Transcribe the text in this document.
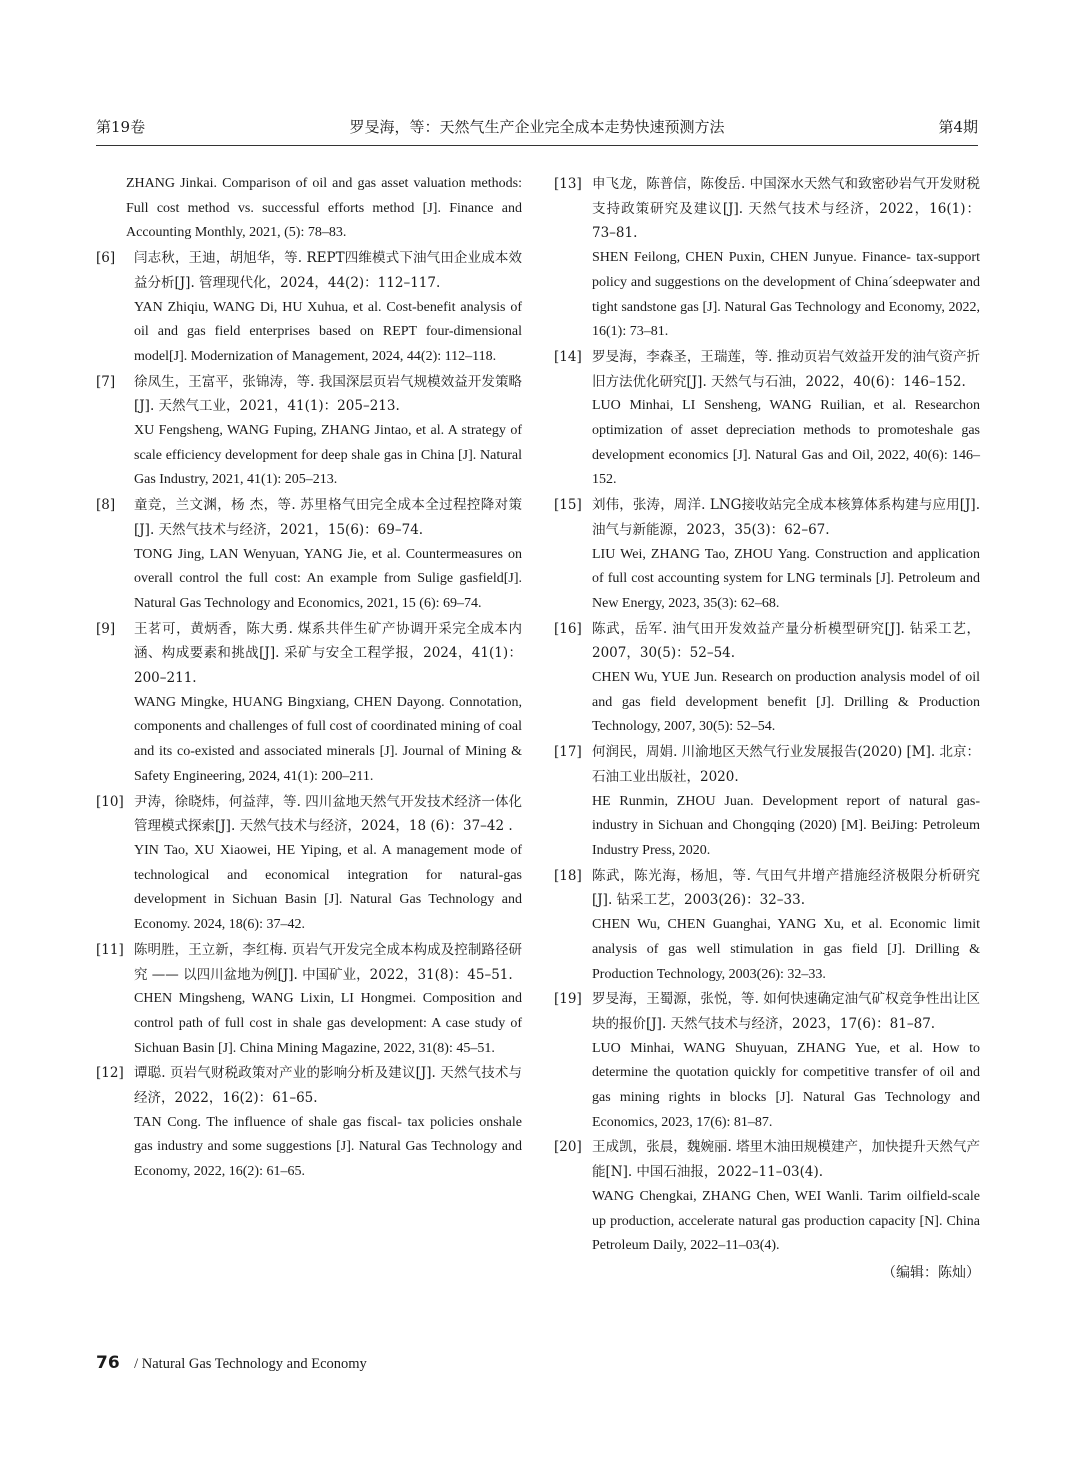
第19卷	罗旻海，等：天然气生产企业完全成本走势快速预测方法	第4期
ZHANG Jinkai. Comparison of oil and gas asset valuation methods: Full cost method vs. successful efforts method [J]. Finance and Accounting Monthly, 2021, (5): 78–83.
[6] 闫志秋，王迪，胡旭华，等. REPT四维模式下油气田企业成本效益分析[J]. 管理现代化，2024，44(2)：112–117.
YAN Zhiqiu, WANG Di, HU Xuhua, et al. Cost-benefit analysis of oil and gas field enterprises based on REPT four-dimensional model[J]. Modernization of Management, 2024, 44(2): 112–118.
[7] 徐凤生，王富平，张锦涛，等. 我国深层页岩气规模效益开发策略[J]. 天然气工业，2021，41(1)：205–213.
XU Fengsheng, WANG Fuping, ZHANG Jintao, et al. A strategy of scale efficiency development for deep shale gas in China [J]. Natural Gas Industry, 2021, 41(1): 205–213.
[8] 童竞，兰文渊，杨 杰，等. 苏里格气田完全成本全过程控降对策[J]. 天然气技术与经济，2021，15(6)：69–74.
TONG Jing, LAN Wenyuan, YANG Jie, et al. Countermeasures on overall control the full cost: An example from Sulige gasfield[J]. Natural Gas Technology and Economics, 2021, 15 (6): 69–74.
[9] 王茗可，黄炳香，陈大勇. 煤系共伴生矿产协调开采完全成本内涵、构成要素和挑战[J]. 采矿与安全工程学报，2024，41(1)：200–211.
WANG Mingke, HUANG Bingxiang, CHEN Dayong. Connotation, components and challenges of full cost of coordinated mining of coal and its co-existed and associated minerals [J]. Journal of Mining & Safety Engineering, 2024, 41(1): 200–211.
[10] 尹涛，徐晓炜，何益萍，等. 四川盆地天然气开发技术经济一体化管理模式探索[J]. 天然气技术与经济，2024，18 (6)：37–42 .
YIN Tao, XU Xiaowei, HE Yiping, et al. A management mode of technological and economical integration for natural-gas development in Sichuan Basin [J]. Natural Gas Technology and Economy. 2024, 18(6): 37–42.
[11] 陈明胜，王立新，李红梅. 页岩气开发完全成本构成及控制路径研究 —— 以四川盆地为例[J]. 中国矿业，2022，31(8)：45–51.
CHEN Mingsheng, WANG Lixin, LI Hongmei. Composition and control path of full cost in shale gas development: A case study of Sichuan Basin [J]. China Mining Magazine, 2022, 31(8): 45–51.
[12] 谭聪. 页岩气财税政策对产业的影响分析及建议[J]. 天然气技术与经济，2022，16(2)：61–65.
TAN Cong. The influence of shale gas fiscal- tax policies onshale gas industry and some suggestions [J]. Natural Gas Technology and Economy, 2022, 16(2): 61–65.
[13] 申飞龙，陈普信，陈俊岳. 中国深水天然气和致密砂岩气开发财税支持政策研究及建议[J]. 天然气技术与经济，2022，16(1)：73–81.
SHEN Feilong, CHEN Puxin, CHEN Junyue. Finance- tax-support policy and suggestions on the development of China´sdeepwater and tight sandstone gas [J]. Natural Gas Technology and Economy, 2022, 16(1): 73–81.
[14] 罗旻海，李森圣，王瑞莲，等. 推动页岩气效益开发的油气资产折旧方法优化研究[J]. 天然气与石油，2022，40(6)：146–152.
LUO Minhai, LI Sensheng, WANG Ruilian, et al. Researchon optimization of asset depreciation methods to promoteshale gas development economics [J]. Natural Gas and Oil, 2022, 40(6): 146–152.
[15] 刘伟，张涛，周洋. LNG接收站完全成本核算体系构建与应用[J]. 油气与新能源，2023，35(3)：62–67.
LIU Wei, ZHANG Tao, ZHOU Yang. Construction and application of full cost accounting system for LNG terminals [J]. Petroleum and New Energy, 2023, 35(3): 62–68.
[16] 陈武，岳军. 油气田开发效益产量分析模型研究[J]. 钻采工艺，2007，30(5)：52–54.
CHEN Wu, YUE Jun. Research on production analysis model of oil and gas field development benefit [J]. Drilling & Production Technology, 2007, 30(5): 52–54.
[17] 何润民，周娟. 川渝地区天然气行业发展报告(2020) [M]. 北京：石油工业出版社，2020.
HE Runmin, ZHOU Juan. Development report of natural gas-industry in Sichuan and Chongqing (2020) [M]. BeiJing: Petroleum Industry Press, 2020.
[18] 陈武，陈光海，杨旭，等. 气田气井增产措施经济极限分析研究[J]. 钻采工艺，2003(26)：32–33.
CHEN Wu, CHEN Guanghai, YANG Xu, et al. Economic limit analysis of gas well stimulation in gas field [J]. Drilling & Production Technology, 2003(26): 32–33.
[19] 罗旻海，王蜀源，张悦，等. 如何快速确定油气矿权竞争性出让区块的报价[J]. 天然气技术与经济，2023，17(6)：81–87.
LUO Minhai, WANG Shuyuan, ZHANG Yue, et al. How to determine the quotation quickly for competitive transfer of oil and gas mining rights in blocks [J]. Natural Gas Technology and Economics, 2023, 17(6): 81–87.
[20] 王成凯，张晨，魏婉丽. 塔里木油田规模建产，加快提升天然气产能[N]. 中国石油报，2022–11–03(4).
WANG Chengkai, ZHANG Chen, WEI Wanli. Tarim oilfield-scale up production, accelerate natural gas production capacity [N]. China Petroleum Daily, 2022–11–03(4).
（编辑：陈灿）
76 / Natural Gas Technology and Economy
